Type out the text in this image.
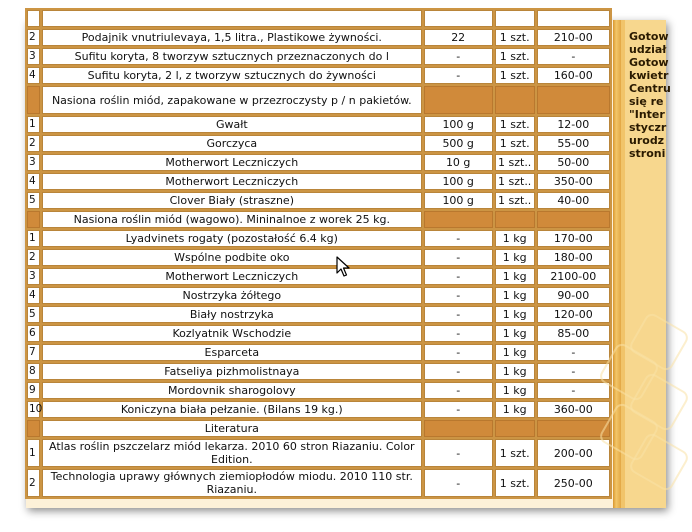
2	Podajnik vnutriulevaya, 1,5 litra., Plastikowe żywności.	22	1 szt.	210-00
3	Sufitu koryta, 8 tworzyw sztucznych przeznaczonych do l	-	1 szt.	-
4	Sufitu koryta, 2 l, z tworzyw sztucznych do żywności	-	1 szt.	160-00
	Nasiona roślin miód, zapakowane w przezroczysty p / n pakietów.			
1	Gwałt	100 g	1 szt.	12-00
2	Gorczyca	500 g	1 szt.	55-00
3	Motherwort Leczniczych	10 g	1 szt..	50-00
4	Motherwort Leczniczych	100 g	1 szt..	350-00
5	Clover Biały (straszne)	100 g	1 szt..	40-00
	Nasiona roślin miód (wagowo). Mininalnoe z worek 25 kg.			
1	Lyadvinets rogaty (pozostałość 6.4 kg)	-	1 kg	170-00
2	Wspólne podbite oko	-	1 kg	180-00
3	Motherwort Leczniczych	-	1 kg	2100-00
4	Nostrzyka żółtego	-	1 kg	90-00
5	Biały nostrzyka	-	1 kg	120-00
6	Kozlyatnik Wschodzie	-	1 kg	85-00
7	Esparceta	-	1 kg	-
8	Fatseliya pizhmolistnaya	-	1 kg	-
9	Mordovnik sharogolovy	-	1 kg	-
10	Koniczyna biała pełzanie. (Bilans 19 kg.)	-	1 kg	360-00
	Literatura			
1	Atlas roślin pszczelarz miód lekarza. 2010 60 stron Riazaniu. Color Edition.	-	1 szt.	200-00
2	Technologia uprawy głównych ziemiopłodów miodu. 2010 110 str. Riazaniu.	-	1 szt.	250-00
Gotow
udział
Gotow
kwietr
Centru
się re
"Inter
styczr
urodz
stroni
